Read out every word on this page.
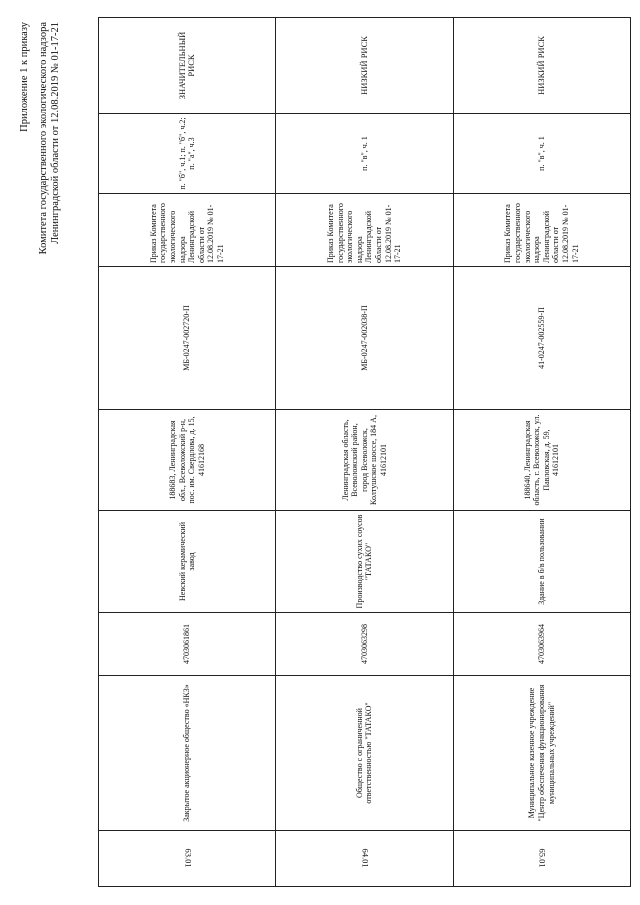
Приложение 1 к приказу Комитета государственного экологического надзора Ленинградской области от 12.08.2019 № 01-17-21
63.01	Закрытое акционерное общество «НКЗ»	4703061861	Невский керамический завод	188683, Ленинградская обл., Всеволожский р-н, пос. им. Свердлова, д. 15, 41612168	МБ-0247-002720-П	Приказ Комитета государственного экологического надзора Ленинградской области от 12.08.2019 № 01-17-21	п. "б", ч.1; п. "б", ч.2; п. "а", ч.3	ЗНАЧИТЕЛЬНЫЙ РИСК
64.01	Общество с ограниченной ответственностью "ТАТАКО"	4703063298	Производство сухих соусов "ТАТАКО"	Ленинградская область, Всеволожский район, город Всеволожск, Колтушское шоссе, 184 А, 41612101	МБ-0247-002038-П	Приказ Комитета государственного экологического надзора Ленинградской области от 12.08.2019 № 01-17-21	п. "в", ч. 1	НИЗКИЙ РИСК
65.01	Муниципальное казенное учреждение "Центр обеспечения функционирования муниципальных учреждений"	4703063964	Здание в б/в пользовании	188640, Ленинградская область, г. Всеволожск, ул. Павловская, д. 59, 41612101	41-0247-002559-П	Приказ Комитета государственного экологического надзора Ленинградской области от 12.08.2019 № 01-17-21	п. "в", ч. 1	НИЗКИЙ РИСК
